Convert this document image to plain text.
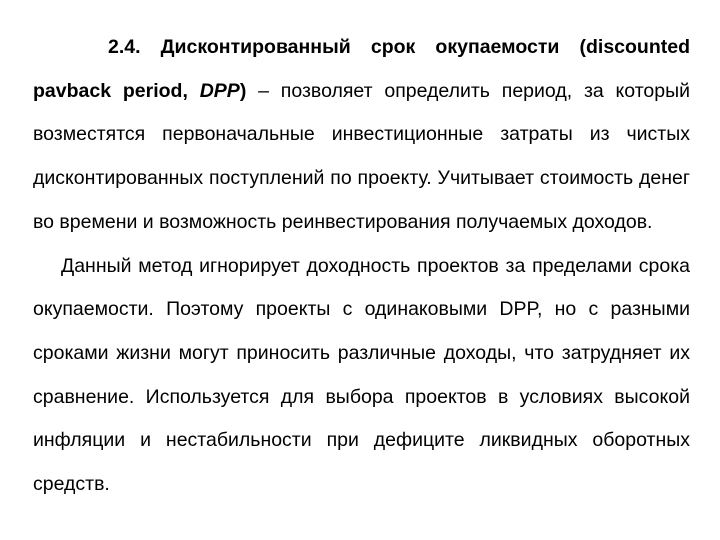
2.4. Дисконтированный срок окупаемости (discounted pavback period, DPP) – позволяет определить период, за который возместятся первоначальные инвестиционные затраты из чистых дисконтированных поступлений по проекту. Учитывает стоимость денег во времени и возможность реинвестирования получаемых доходов.

Данный метод игнорирует доходность проектов за пределами срока окупаемости. Поэтому проекты с одинаковыми DPP, но с разными сроками жизни могут приносить различные доходы, что затрудняет их сравнение. Используется для выбора проектов в условиях высокой инфляции и нестабильности при дефиците ликвидных оборотных средств.
